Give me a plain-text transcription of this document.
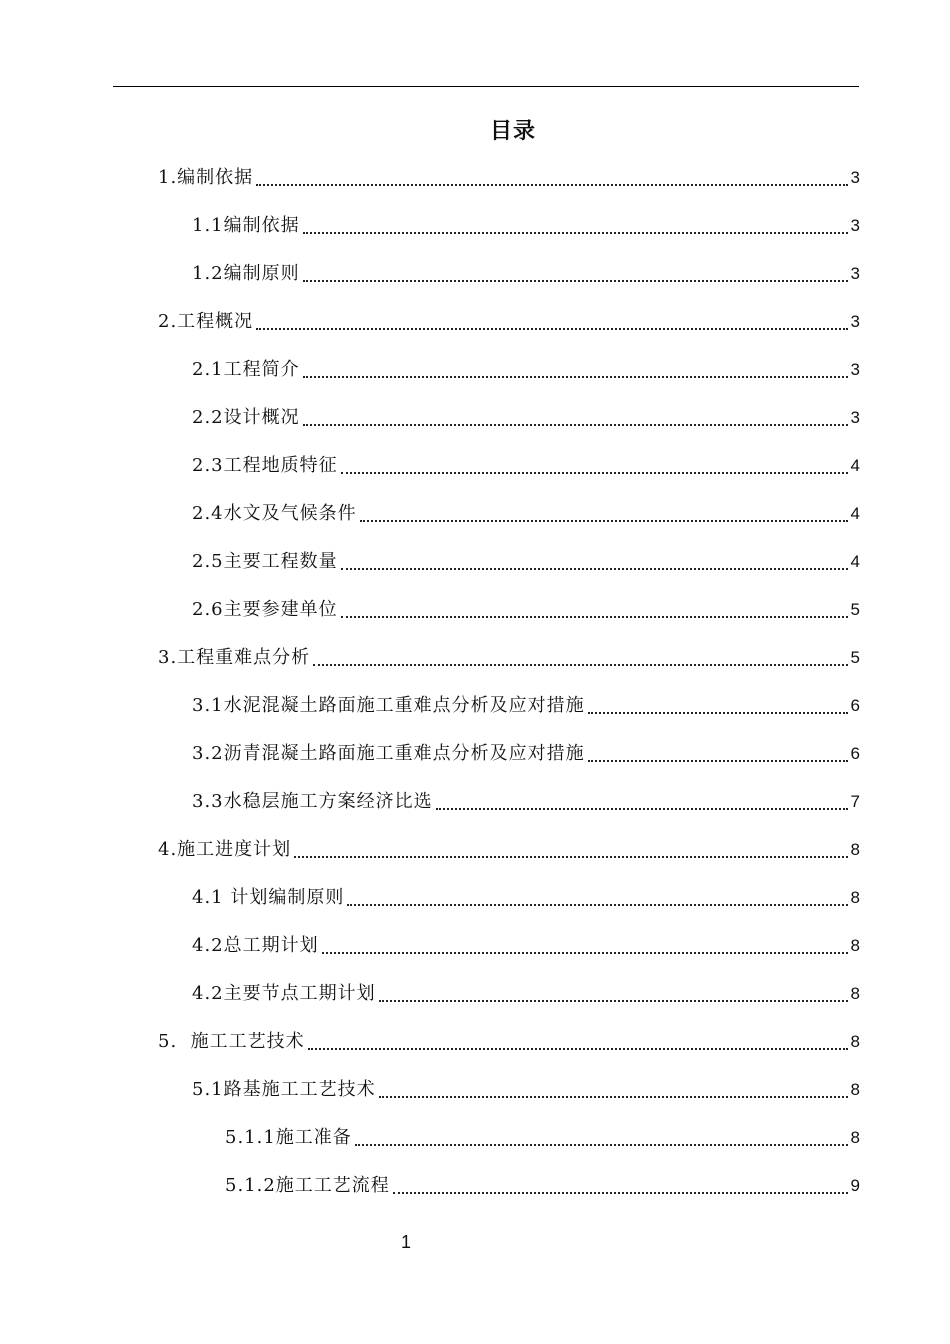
目录
1.编制依据	3
1.1编制依据	3
1.2编制原则	3
2.工程概况	3
2.1工程简介	3
2.2设计概况	3
2.3工程地质特征	4
2.4水文及气候条件	4
2.5主要工程数量	4
2.6主要参建单位	5
3.工程重难点分析	5
3.1水泥混凝土路面施工重难点分析及应对措施	6
3.2沥青混凝土路面施工重难点分析及应对措施	6
3.3水稳层施工方案经济比选	7
4.施工进度计划	8
4.1 计划编制原则	8
4.2总工期计划	8
4.2主要节点工期计划	8
5.  施工工艺技术	8
5.1路基施工工艺技术	8
5.1.1施工准备	8
5.1.2施工工艺流程	9
1
